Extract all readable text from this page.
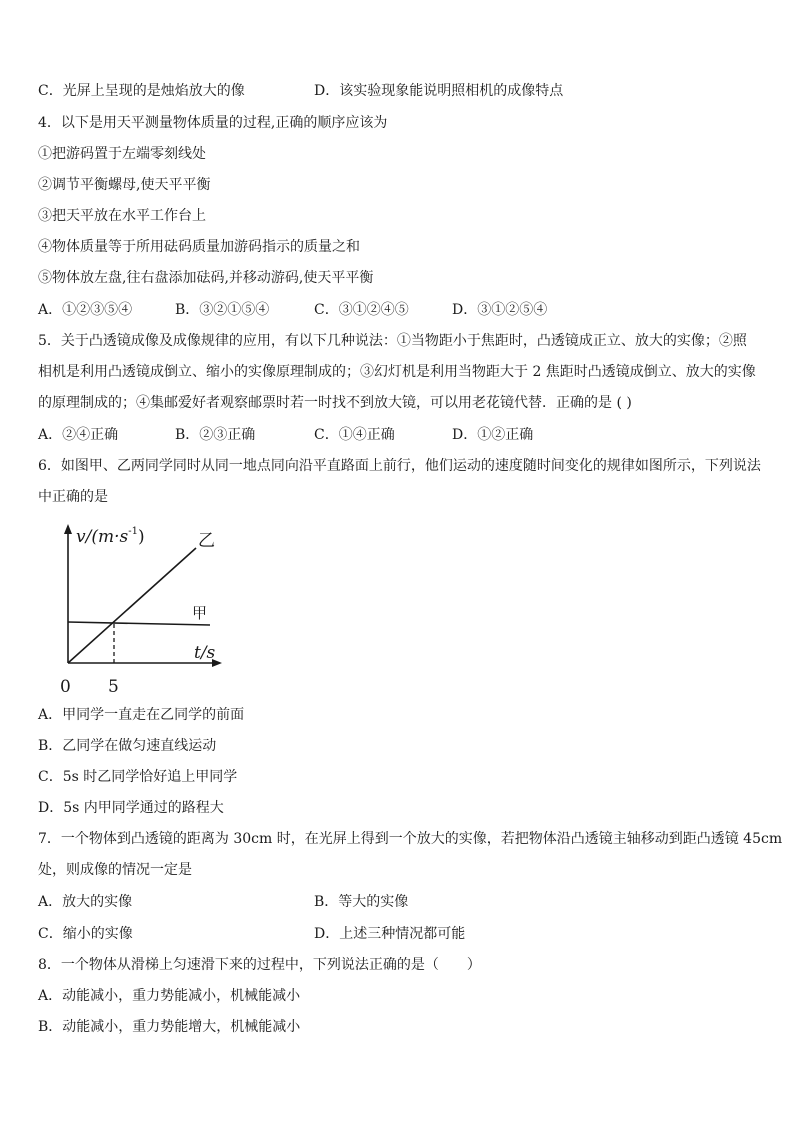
C．光屏上呈现的是烛焰放大的像	D．该实验现象能说明照相机的成像特点
4．以下是用天平测量物体质量的过程,正确的顺序应该为
①把游码置于左端零刻线处
②调节平衡螺母,使天平平衡
③把天平放在水平工作台上
④物体质量等于所用砝码质量加游码指示的质量之和
⑤物体放左盘,往右盘添加砝码,并移动游码,使天平平衡
A．①②③⑤④	B．③②①⑤④	C．③①②④⑤	D．③①②⑤④
5．关于凸透镜成像及成像规律的应用，有以下几种说法：①当物距小于焦距时，凸透镜成正立、放大的实像；②照
相机是利用凸透镜成倒立、缩小的实像原理制成的；③幻灯机是利用当物距大于 2 焦距时凸透镜成倒立、放大的实像
的原理制成的；④集邮爱好者观察邮票时若一时找不到放大镜，可以用老花镜代替．正确的是 ( )
A．②④正确	B．②③正确	C．①④正确	D．①②正确
6．如图甲、乙两同学同时从同一地点同向沿平直路面上前行，他们运动的速度随时间变化的规律如图所示，下列说法
中正确的是
$v/(m\cdot s^{-1})$	乙
甲
t/s
0 5
A．甲同学一直走在乙同学的前面
B．乙同学在做匀速直线运动
C．5s 时乙同学恰好追上甲同学
D．5s 内甲同学通过的路程大
7．一个物体到凸透镜的距离为 30cm 时，在光屏上得到一个放大的实像，若把物体沿凸透镜主轴移动到距凸透镜 45cm
处，则成像的情况一定是
A．放大的实像	B．等大的实像
C．缩小的实像	D．上述三种情况都可能
8．一个物体从滑梯上匀速滑下来的过程中，下列说法正确的是（　　）
A．动能减小，重力势能减小，机械能减小
B．动能减小，重力势能增大，机械能减小
